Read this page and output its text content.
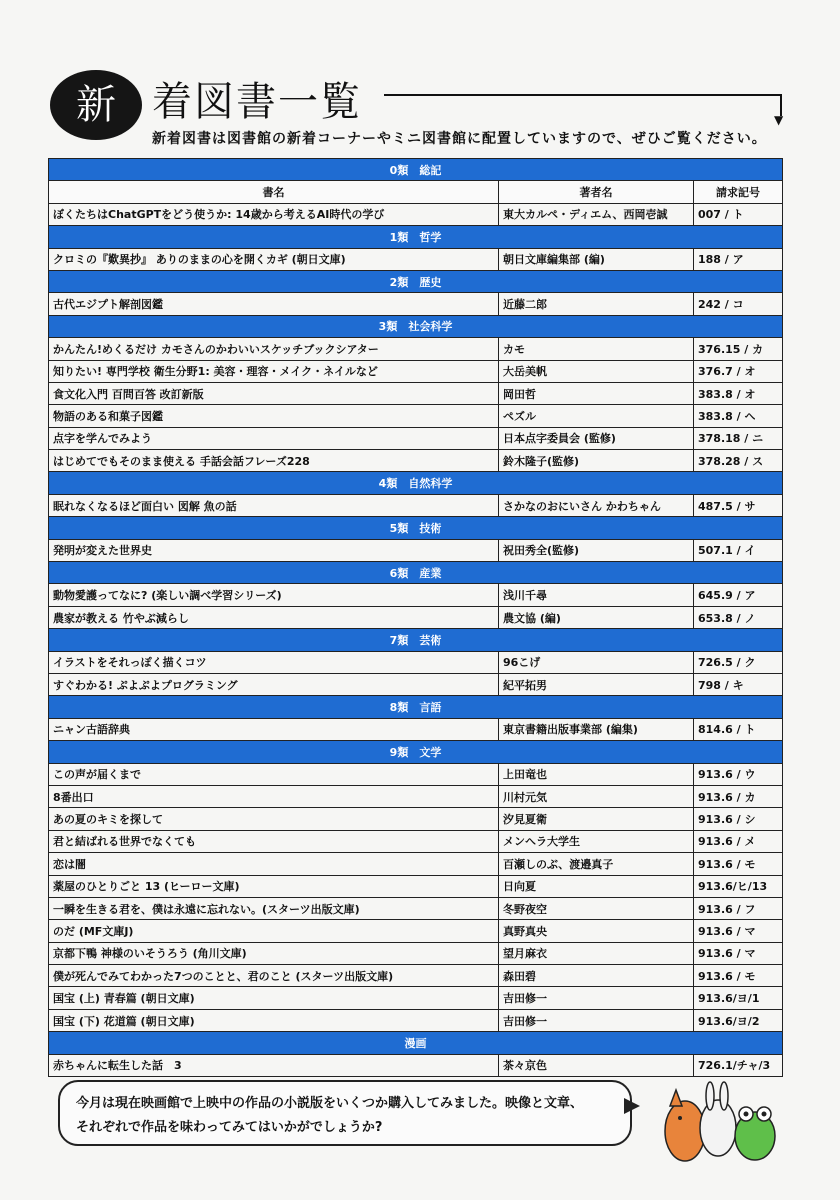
新 着図書一覧	▼
新着図書は図書館の新着コーナーやミニ図書館に配置していますので、ぜひご覧ください。
0類　総記		
書名	著者名	請求記号
ぼくたちはChatGPTをどう使うか: 14歳から考えるAI時代の学び	東大カルペ・ディエム、西岡壱誠	007 / ト
1類　哲学		
クロミの『歎異抄』 ありのままの心を開くカギ (朝日文庫)	朝日文庫編集部 (編)	188 / ア
2類　歴史		
古代エジプト解剖図鑑	近藤二郎	242 / コ
3類　社会科学		
かんたん!めくるだけ カモさんのかわいいスケッチブックシアター	カモ	376.15 / カ
知りたい! 専門学校 衛生分野1: 美容・理容・メイク・ネイルなど	大岳美帆	376.7 / オ
食文化入門 百問百答 改訂新版	岡田哲	383.8 / オ
物語のある和菓子図鑑	ペズル	383.8 / ヘ
点字を学んでみよう	日本点字委員会 (監修)	378.18 / ニ
はじめてでもそのまま使える 手話会話フレーズ228	鈴木隆子(監修)	378.28 / ス
4類　自然科学		
眠れなくなるほど面白い 図解 魚の話	さかなのおにいさん かわちゃん	487.5 / サ
5類　技術		
発明が変えた世界史	祝田秀全(監修)	507.1 / イ
6類　産業		
動物愛護ってなに? (楽しい調べ学習シリーズ)	浅川千尋	645.9 / ア
農家が教える 竹やぶ減らし	農文協 (編)	653.8 / ノ
7類　芸術		
イラストをそれっぽく描くコツ	96こげ	726.5 / ク
すぐわかる! ぷよぷよプログラミング	紀平拓男	798 / キ
8類　言語		
ニャン古語辞典	東京書籍出版事業部 (編集)	814.6 / ト
9類　文学		
この声が届くまで	上田竜也	913.6 / ウ
8番出口	川村元気	913.6 / カ
あの夏のキミを探して	汐見夏衛	913.6 / シ
君と結ばれる世界でなくても	メンヘラ大学生	913.6 / メ
恋は闇	百瀬しのぶ、渡邉真子	913.6 / モ
薬屋のひとりごと 13 (ヒーロー文庫)	日向夏	913.6/ヒ/13
一瞬を生きる君を、僕は永遠に忘れない。(スターツ出版文庫)	冬野夜空	913.6 / フ
のだ (MF文庫J)	真野真央	913.6 / マ
京都下鴨 神様のいそうろう (角川文庫)	望月麻衣	913.6 / マ
僕が死んでみてわかった7つのことと、君のこと (スターツ出版文庫)	森田碧	913.6 / モ
国宝 (上) 青春篇 (朝日文庫)	吉田修一	913.6/ヨ/1
国宝 (下) 花道篇 (朝日文庫)	吉田修一	913.6/ヨ/2
漫画		
赤ちゃんに転生した話　3	茶々京色	726.1/チャ/3

今月は現在映画館で上映中の作品の小説版をいくつか購入してみました。映像と文章、

それぞれで作品を味わってみてはいかがでしょうか?
